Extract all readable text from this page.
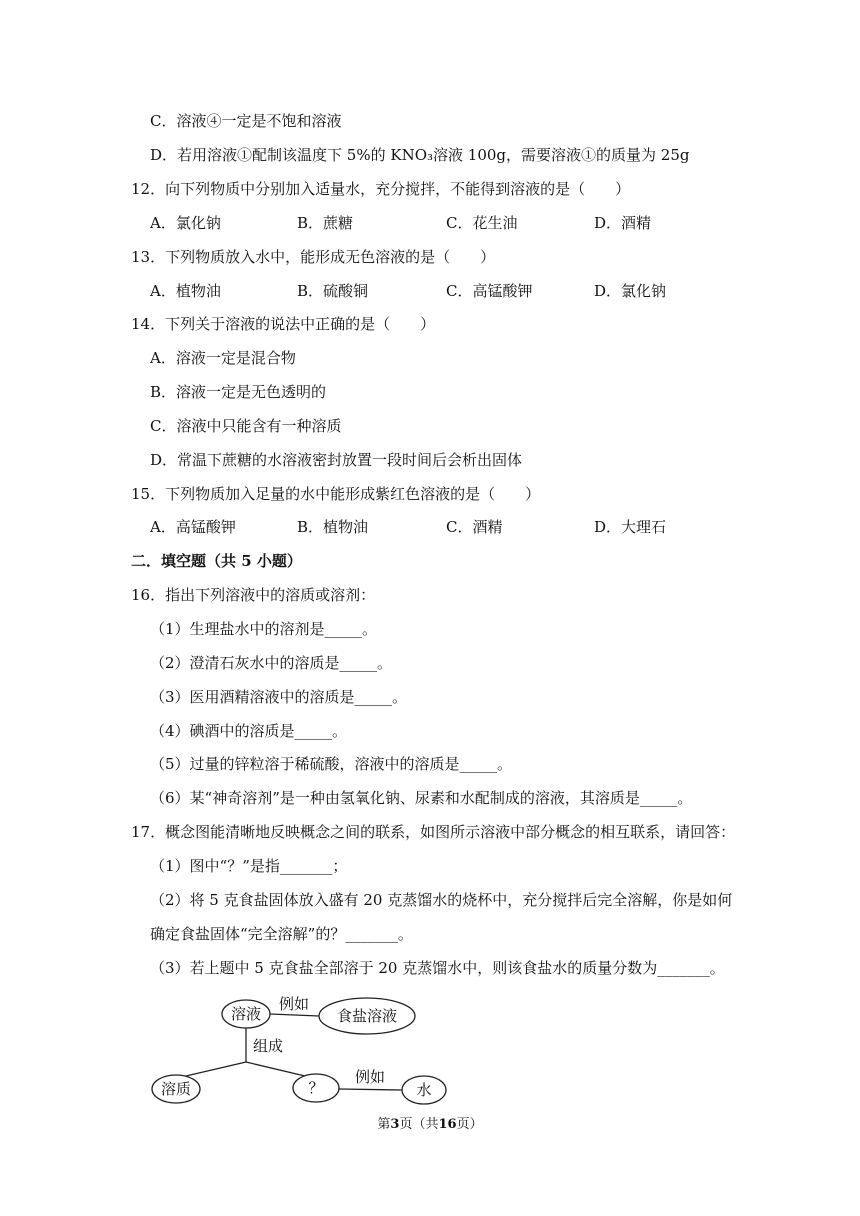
C．溶液④一定是不饱和溶液
D．若用溶液①配制该温度下 5%的 KNO₃溶液 100g，需要溶液①的质量为 25g
12．向下列物质中分别加入适量水，充分搅拌，不能得到溶液的是（　　）
A．氯化钠	B．蔗糖	C．花生油	D．酒精
13．下列物质放入水中，能形成无色溶液的是（　　）
A．植物油	B．硫酸铜	C．高锰酸钾	D．氯化钠
14．下列关于溶液的说法中正确的是（　　）
A．溶液一定是混合物
B．溶液一定是无色透明的
C．溶液中只能含有一种溶质
D．常温下蔗糖的水溶液密封放置一段时间后会析出固体
15．下列物质加入足量的水中能形成紫红色溶液的是（　　）
A．高锰酸钾	B．植物油	C．酒精	D．大理石
二．填空题（共 5 小题）
16．指出下列溶液中的溶质或溶剂：
（1）生理盐水中的溶剂是_____。
（2）澄清石灰水中的溶质是_____。
（3）医用酒精溶液中的溶质是_____。
（4）碘酒中的溶质是_____。
（5）过量的锌粒溶于稀硫酸，溶液中的溶质是_____。
（6）某“神奇溶剂”是一种由氢氧化钠、尿素和水配制成的溶液，其溶质是_____。
17．概念图能清晰地反映概念之间的联系，如图所示溶液中部分概念的相互联系，请回答：
（1）图中“？”是指_______；
（2）将 5 克食盐固体放入盛有 20 克蒸馏水的烧杯中，充分搅拌后完全溶解，你是如何
确定食盐固体“完全溶解”的？_______。
（3）若上题中 5 克食盐全部溶于 20 克蒸馏水中，则该食盐水的质量分数为_______。
溶液
例如
食盐溶液
组成
溶质	？
例如
水
第3页（共16页）
